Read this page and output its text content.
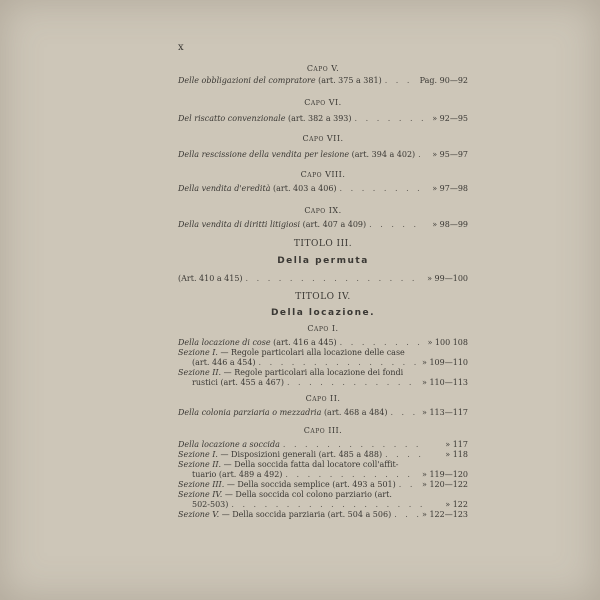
x
Capo V.
Delle obbligazioni del compratore (art. 375 a 381) . . .	Pag. 90—92
Capo VI.
Del riscatto convenzionale (art. 382 a 393) . . .	» 92—95
Capo VII.
Della rescissione della vendita per lesione (art. 394 a 402) . . .	» 95—97
Capo VIII.
Della vendita d'eredità (art. 403 a 406) . . .	» 97—98
Capo IX.
Della vendita di diritti litigiosi (art. 407 a 409) . . .	» 98—99
TITOLO III.
Della permuta
(Art. 410 a 415) . . .	» 99—100
TITOLO IV.
Della locazione.
Capo I.
Della locazione di cose (art. 416 a 445) . . .	» 100 108
Sezione I. — Regole particolari alla locazione delle case
(art. 446 a 454) . . .	» 109—110
Sezione II. — Regole particolari alla locazione dei fondi
rustici (art. 455 a 467) . . .	» 110—113
Capo II.
Della colonia parziaria o mezzadria (art. 468 a 484) . . .	» 113—117
Capo III.
Della locazione a soccida . . .	» 117
Sezione I. — Disposizioni generali (art. 485 a 488) . . .	» 118
Sezione II. — Della soccida fatta dal locatore coll'affit-
tuario (art. 489 a 492) . . .	» 119—120
Sezione III. — Della soccida semplice (art. 493 a 501) . . .	» 120—122
Sezione IV. — Della soccida col colono parziario (art.
502-503) . . .	» 122
Sezione V. — Della soccida parziaria (art. 504 a 506) . . .	» 122—123
